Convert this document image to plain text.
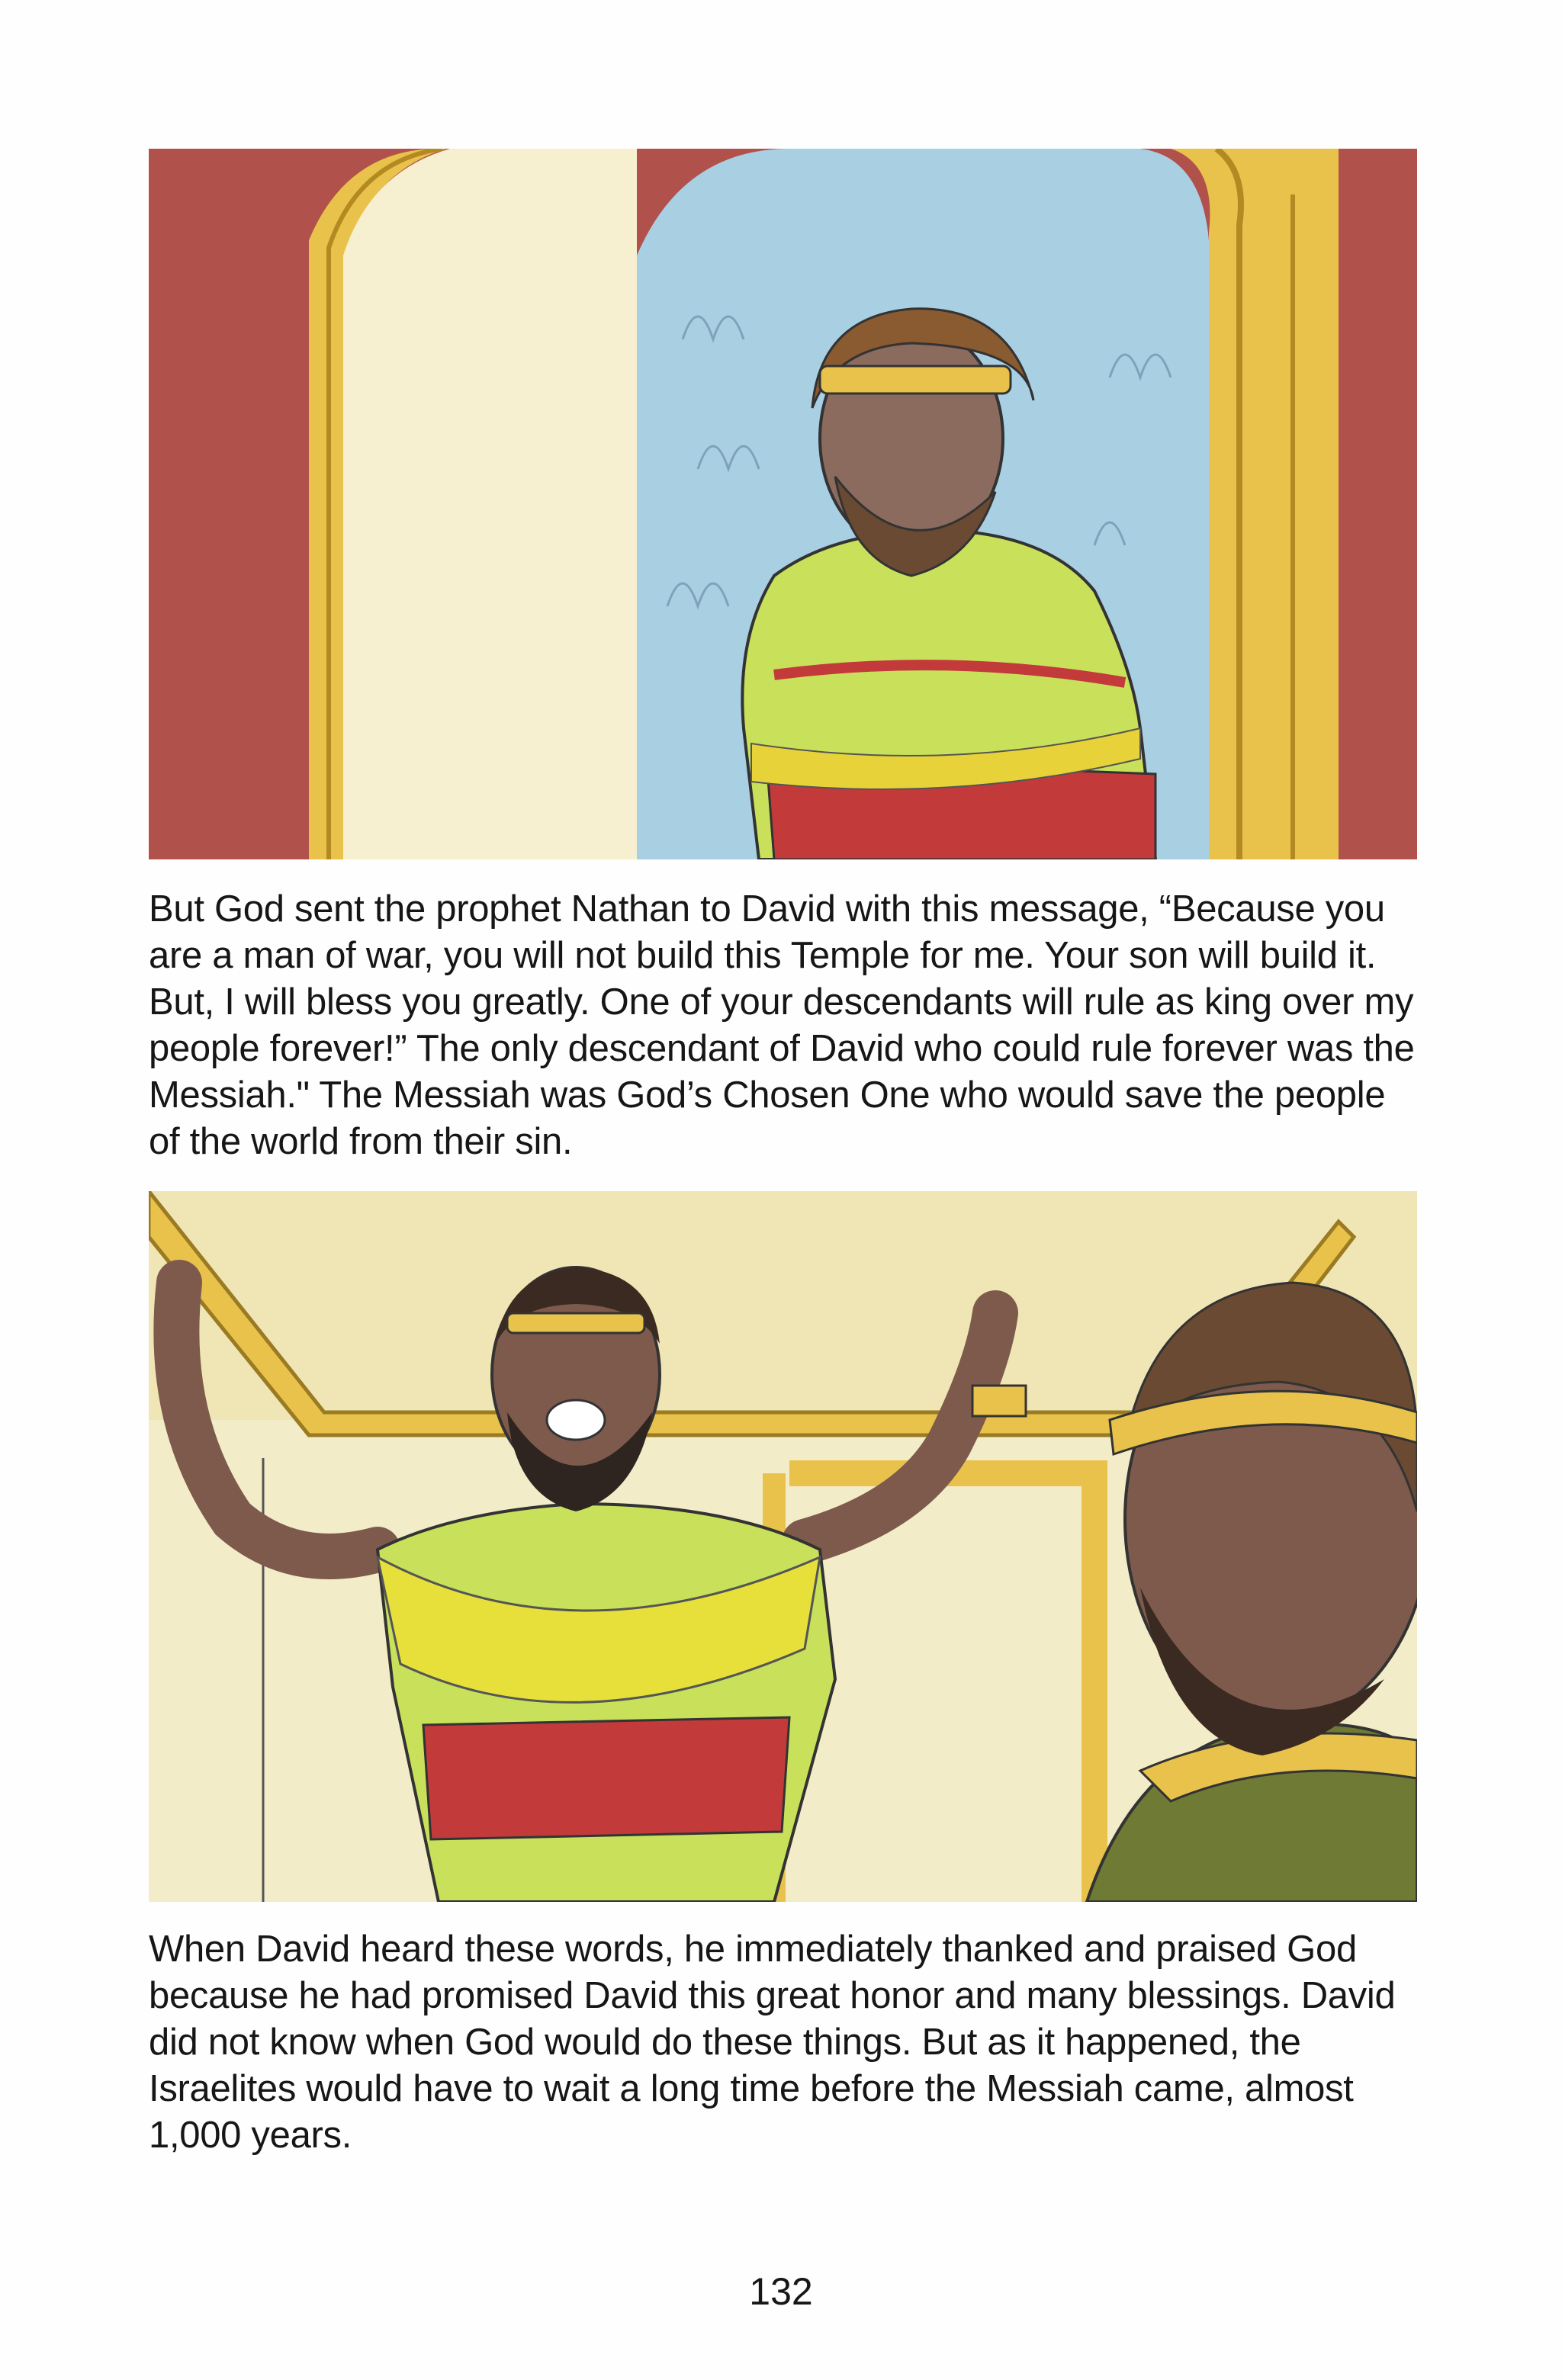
But God sent the prophet Nathan to David with this message, “Because you are a man of war, you will not build this Temple for me. Your son will build it. But, I will bless you greatly. One of your descendants will rule as king over my people forever!” The only descendant of David who could rule forever was the Messiah." The Messiah was God’s Chosen One who would save the people of the world from their sin.

When David heard these words, he immediately thanked and praised God because he had promised David this great honor and many blessings. David did not know when God would do these things. But as it happened, the Israelites would have to wait a long time before the Messiah came, almost 1,000 years.

132
